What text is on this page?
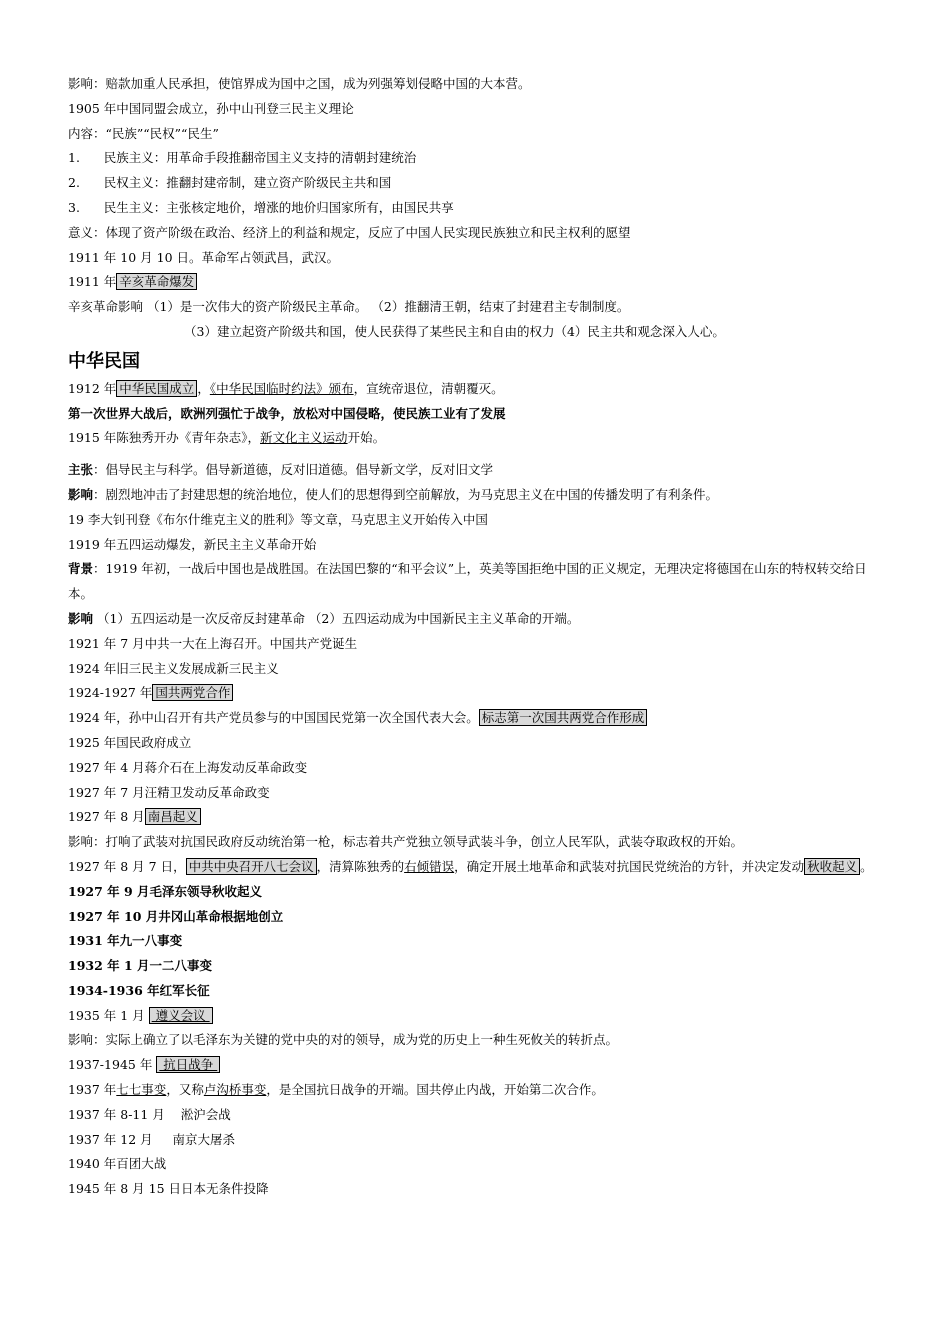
影响：赔款加重人民承担，使馆界成为国中之国，成为列强筹划侵略中国的大本营。
1905 年中国同盟会成立，孙中山刊登三民主义理论
内容：“民族”“民权”“民生”
1.      民族主义：用革命手段推翻帝国主义支持的清朝封建统治
2.      民权主义：推翻封建帝制，建立资产阶级民主共和国
3.      民生主义：主张核定地价，增涨的地价归国家所有，由国民共享
意义：体现了资产阶级在政治、经济上的利益和规定，反应了中国人民实现民族独立和民主权利的愿望
1911 年 10 月 10 日。革命军占领武昌，武汉。
1911 年 辛亥革命爆发
辛亥革命影响 （1）是一次伟大的资产阶级民主革命。 （2）推翻清王朝，结束了封建君主专制制度。
（3）建立起资产阶级共和国，使人民获得了某些民主和自由的权力（4）民主共和观念深入人心。
中华民国
1912 年 中华民国成立 ，《中华民国临时约法》颁布，宣统帝退位，清朝覆灭。
第一次世界大战后，欧洲列强忙于战争，放松对中国侵略，使民族工业有了发展
1915 年陈独秀开办《青年杂志》，新文化主义运动开始。
主张：倡导民主与科学。倡导新道德，反对旧道德。倡导新文学，反对旧文学
影响：剧烈地冲击了封建思想的统治地位，使人们的思想得到空前解放，为马克思主义在中国的传播发明了有利条件。
19 李大钊刊登《布尔什维克主义的胜利》等文章，马克思主义开始传入中国
1919 年五四运动爆发，新民主主义革命开始
背景：1919 年初，一战后中国也是战胜国。在法国巴黎的“和平会议”上，英美等国拒绝中国的正义规定，无理决定将德国在山东的特权转交给日本。
影响 （1）五四运动是一次反帝反封建革命 （2）五四运动成为中国新民主主义革命的开端。
1921 年 7 月中共一大在上海召开。中国共产党诞生
1924 年旧三民主义发展成新三民主义
1924-1927 年 国共两党合作
1924 年，孙中山召开有共产党员参与的中国国民党第一次全国代表大会。 标志第一次国共两党合作形成
1925 年国民政府成立
1927 年 4 月蒋介石在上海发动反革命政变
1927 年 7 月汪精卫发动反革命政变
1927 年 8 月 南昌起义
影响：打响了武装对抗国民政府反动统治第一枪，标志着共产党独立领导武装斗争，创立人民军队，武装夺取政权的开始。
1927 年 8 月 7 日， 中共中央召开八七会议 ，清算陈独秀的右倾错误，确定开展土地革命和武装对抗国民党统治的方针，并决定发动 秋收起义 。
1927 年 9 月毛泽东领导秋收起义
1927 年 10 月井冈山革命根据地创立
1931 年九一八事变
1932 年 1 月一二八事变
1934-1936 年红军长征
1935 年 1 月  遵义会议
影响：实际上确立了以毛泽东为关键的党中央的对的领导，成为党的历史上一种生死攸关的转折点。
1937-1945 年  抗日战争
1937 年七七事变，又称卢沟桥事变，是全国抗日战争的开端。国共停止内战，开始第二次合作。
1937 年 8-11 月    淞沪会战
1937 年 12 月     南京大屠杀
1940 年百团大战
1945 年 8 月 15 日日本无条件投降
